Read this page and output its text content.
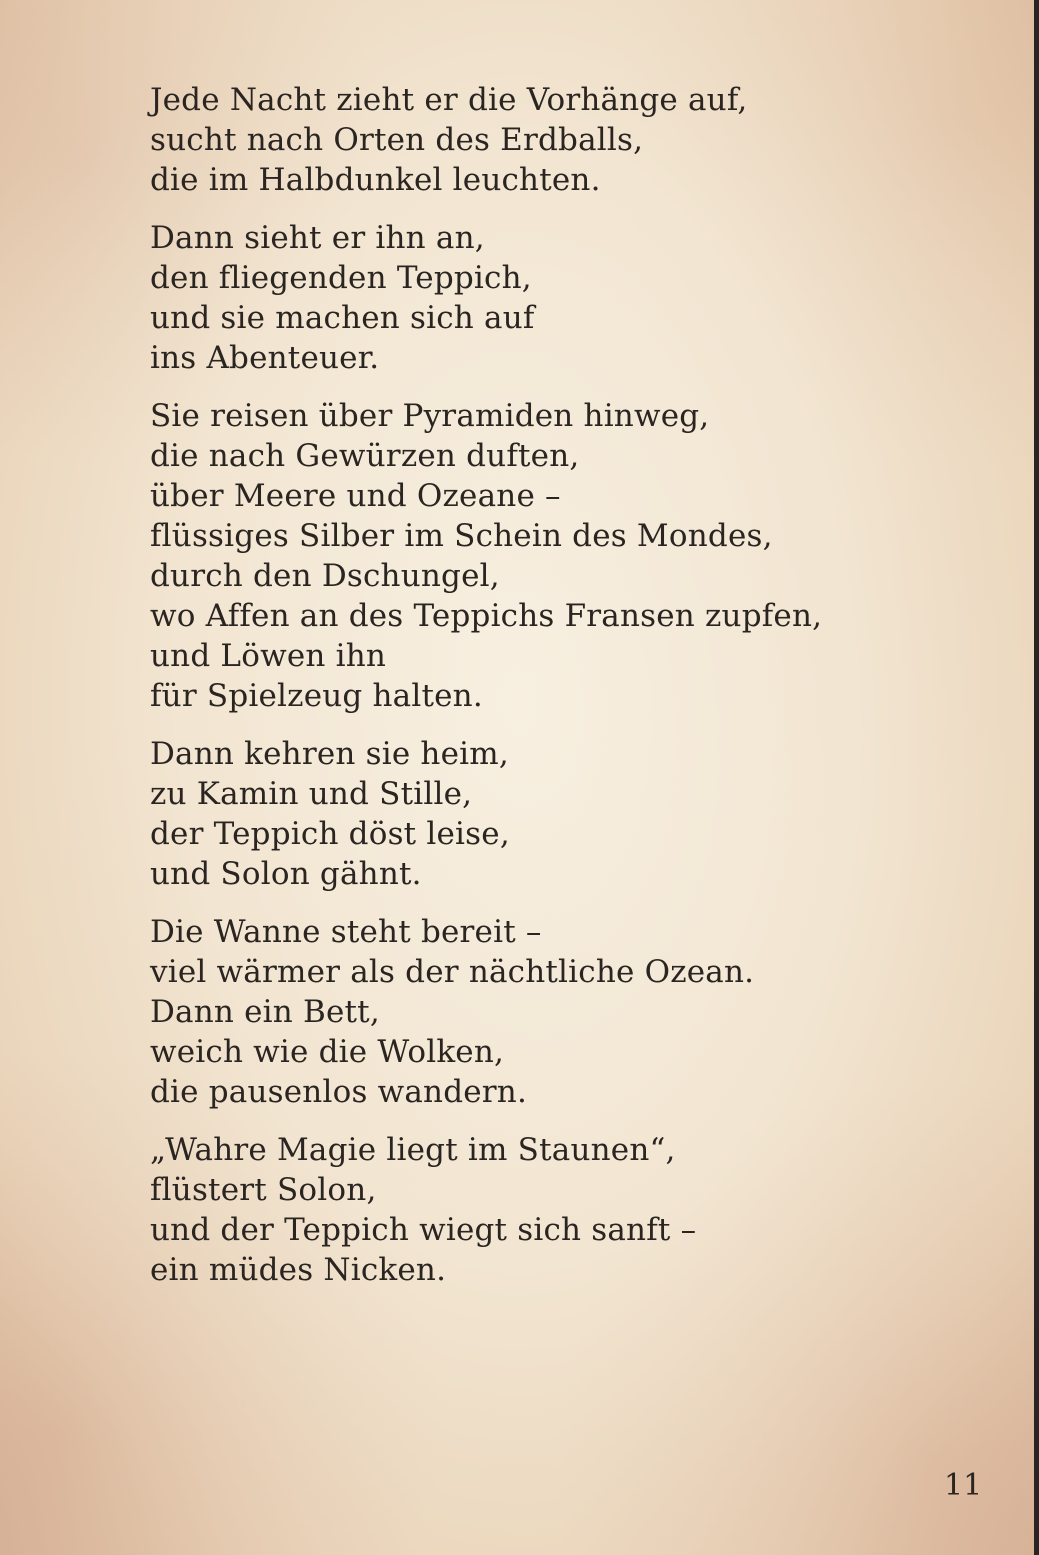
Jede Nacht zieht er die Vorhänge auf,
sucht nach Orten des Erdballs,
die im Halbdunkel leuchten.
Dann sieht er ihn an,
den fliegenden Teppich,
und sie machen sich auf
ins Abenteuer.
Sie reisen über Pyramiden hinweg,
die nach Gewürzen duften,
über Meere und Ozeane –
flüssiges Silber im Schein des Mondes,
durch den Dschungel,
wo Affen an des Teppichs Fransen zupfen,
und Löwen ihn
für Spielzeug halten.
Dann kehren sie heim,
zu Kamin und Stille,
der Teppich döst leise,
und Solon gähnt.
Die Wanne steht bereit –
viel wärmer als der nächtliche Ozean.
Dann ein Bett,
weich wie die Wolken,
die pausenlos wandern.
„Wahre Magie liegt im Staunen“,
flüstert Solon,
und der Teppich wiegt sich sanft –
ein müdes Nicken.
11
